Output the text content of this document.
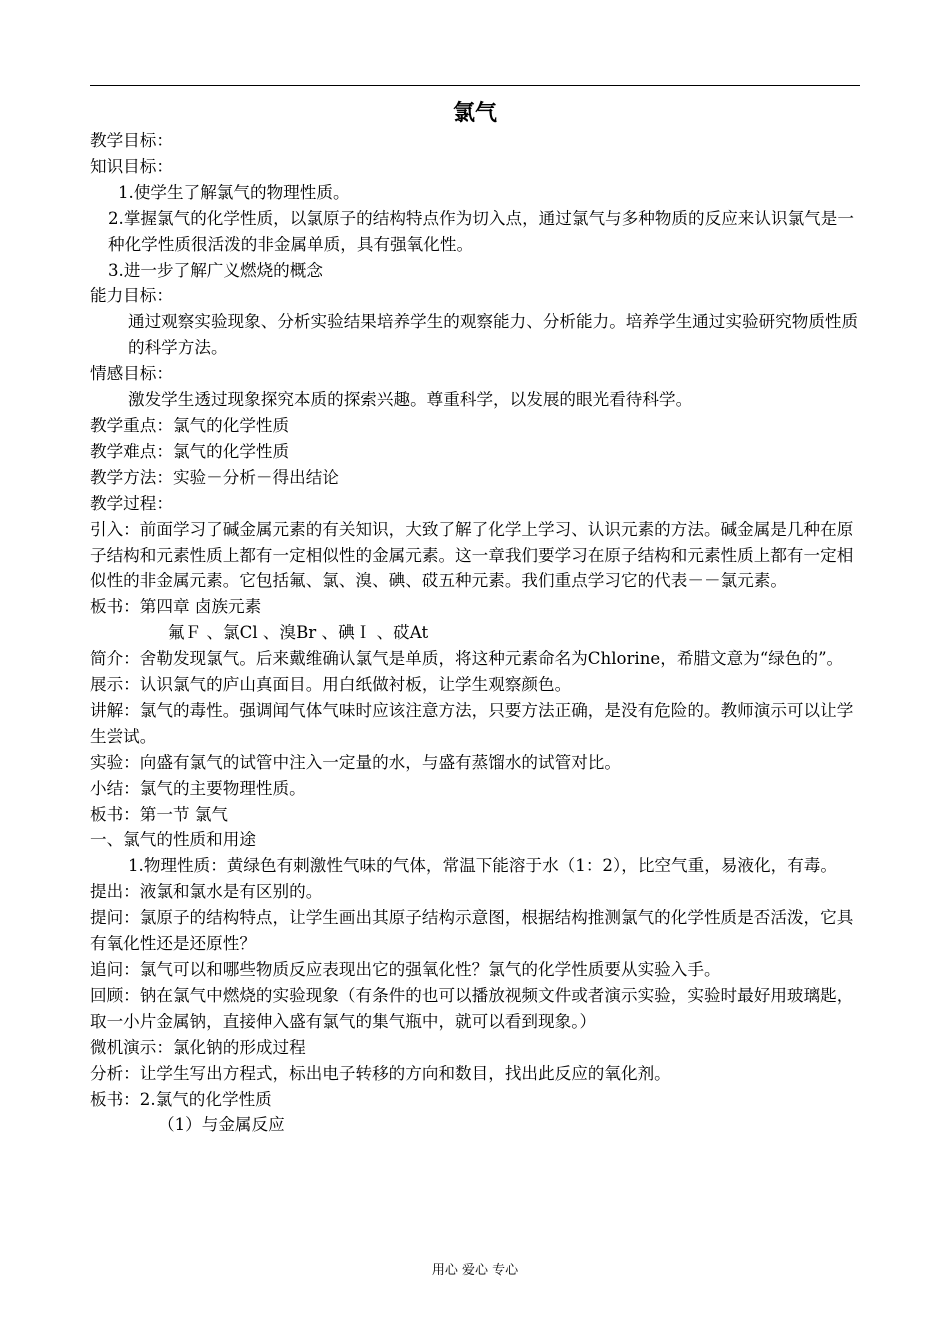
氯气

教学目标：

知识目标：

1.使学生了解氯气的物理性质。

2.掌握氯气的化学性质，以氯原子的结构特点作为切入点，通过氯气与多种物质的反应来认识氯气是一种化学性质很活泼的非金属单质，具有强氧化性。

3.进一步了解广义燃烧的概念

能力目标：

通过观察实验现象、分析实验结果培养学生的观察能力、分析能力。培养学生通过实验研究物质性质的科学方法。

情感目标：

激发学生透过现象探究本质的探索兴趣。尊重科学，以发展的眼光看待科学。

教学重点：氯气的化学性质

教学难点：氯气的化学性质

教学方法：实验－分析－得出结论

教学过程：

引入：前面学习了碱金属元素的有关知识，大致了解了化学上学习、认识元素的方法。碱金属是几种在原子结构和元素性质上都有一定相似性的金属元素。这一章我们要学习在原子结构和元素性质上都有一定相似性的非金属元素。它包括氟、氯、溴、碘、砹五种元素。我们重点学习它的代表－－氯元素。

板书：第四章 卤族元素

氟Ｆ 、氯Cl 、溴Br 、碘Ｉ 、砹At

简介：舍勒发现氯气。后来戴维确认氯气是单质，将这种元素命名为Chlorine，希腊文意为“绿色的”。

展示：认识氯气的庐山真面目。用白纸做衬板，让学生观察颜色。

讲解：氯气的毒性。强调闻气体气味时应该注意方法，只要方法正确，是没有危险的。教师演示可以让学生尝试。

实验：向盛有氯气的试管中注入一定量的水，与盛有蒸馏水的试管对比。

小结：氯气的主要物理性质。

板书：第一节 氯气

一、氯气的性质和用途

1.物理性质：黄绿色有刺激性气味的气体，常温下能溶于水（1：2），比空气重，易液化，有毒。

提出：液氯和氯水是有区别的。

提问：氯原子的结构特点，让学生画出其原子结构示意图，根据结构推测氯气的化学性质是否活泼，它具有氧化性还是还原性？

追问：氯气可以和哪些物质反应表现出它的强氧化性？氯气的化学性质要从实验入手。

回顾：钠在氯气中燃烧的实验现象（有条件的也可以播放视频文件或者演示实验，实验时最好用玻璃匙，取一小片金属钠，直接伸入盛有氯气的集气瓶中，就可以看到现象。）

微机演示：氯化钠的形成过程

分析：让学生写出方程式，标出电子转移的方向和数目，找出此反应的氧化剂。

板书：2.氯气的化学性质

（1）与金属反应

用心 爱心 专心
